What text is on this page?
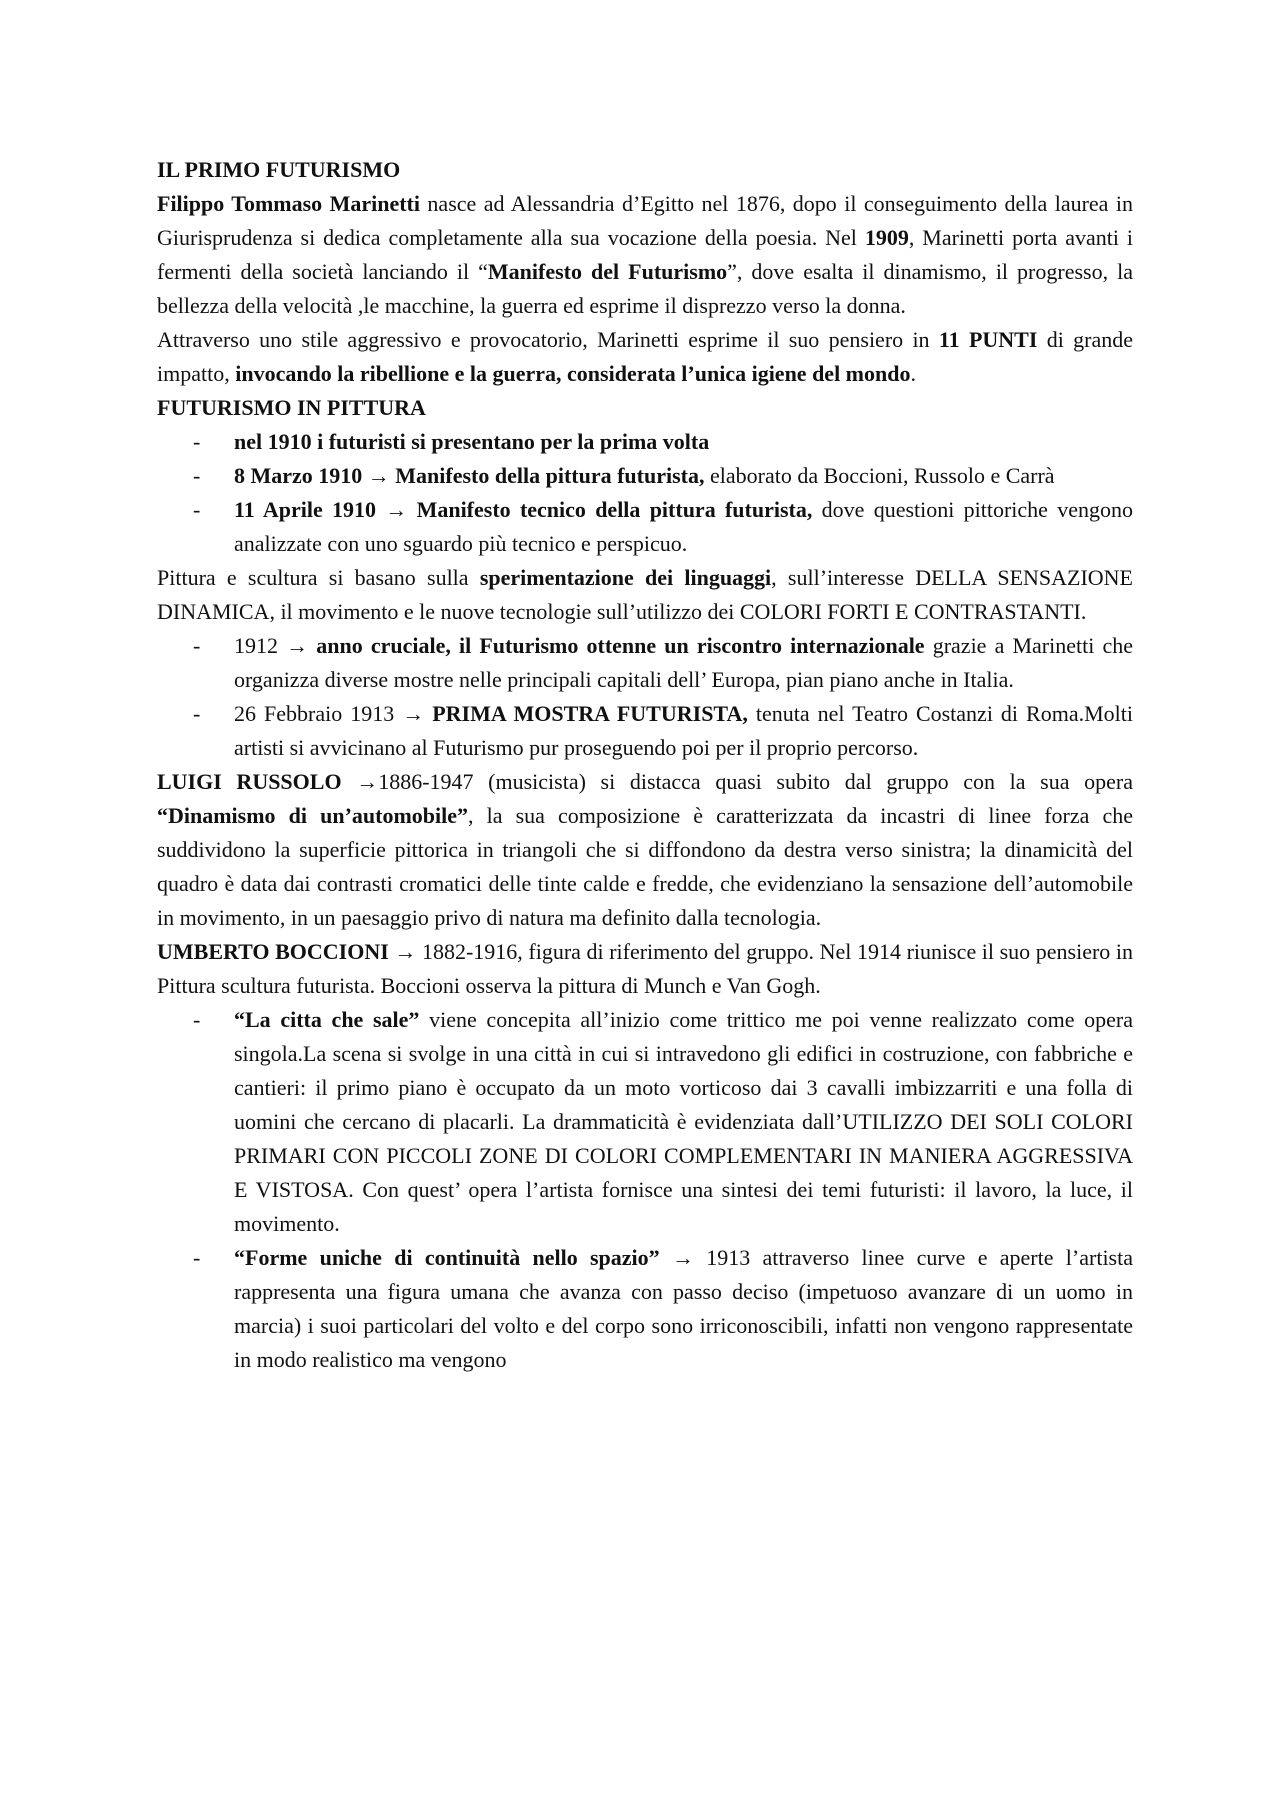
IL PRIMO FUTURISMO

Filippo Tommaso Marinetti nasce ad Alessandria d’Egitto nel 1876, dopo il conseguimento della laurea in Giurisprudenza si dedica completamente alla sua vocazione della poesia. Nel 1909, Marinetti porta avanti i fermenti della società lanciando il “Manifesto del Futurismo”, dove esalta il dinamismo, il progresso, la bellezza della velocità ,le macchine, la guerra ed esprime il disprezzo verso la donna.

Attraverso uno stile aggressivo e provocatorio, Marinetti esprime il suo pensiero in 11 PUNTI di grande impatto, invocando la ribellione e la guerra, considerata l’unica igiene del mondo.

FUTURISMO IN PITTURA

- nel 1910 i futuristi si presentano per la prima volta
- 8 Marzo 1910 → Manifesto della pittura futurista, elaborato da Boccioni, Russolo e Carrà
- 11 Aprile 1910 → Manifesto tecnico della pittura futurista, dove questioni pittoriche vengono analizzate con uno sguardo più tecnico e perspicuo.

Pittura e scultura si basano sulla sperimentazione dei linguaggi, sull’interesse DELLA SENSAZIONE DINAMICA, il movimento e le nuove tecnologie sull’utilizzo dei COLORI FORTI E CONTRASTANTI.

- 1912 → anno cruciale, il Futurismo ottenne un riscontro internazionale grazie a Marinetti che organizza diverse mostre nelle principali capitali dell’ Europa, pian piano anche in Italia.
- 26 Febbraio 1913 → PRIMA MOSTRA FUTURISTA, tenuta nel Teatro Costanzi di Roma.Molti artisti si avvicinano al Futurismo pur proseguendo poi per il proprio percorso.

LUIGI RUSSOLO →1886-1947 (musicista) si distacca quasi subito dal gruppo con la sua opera “Dinamismo di un’automobile”, la sua composizione è caratterizzata da incastri di linee forza che suddividono la superficie pittorica in triangoli che si diffondono da destra verso sinistra; la dinamicità del quadro è data dai contrasti cromatici delle tinte calde e fredde, che evidenziano la sensazione dell’automobile in movimento, in un paesaggio privo di natura ma definito dalla tecnologia.

UMBERTO BOCCIONI → 1882-1916, figura di riferimento del gruppo. Nel 1914 riunisce il suo pensiero in Pittura scultura futurista. Boccioni osserva la pittura di Munch e Van Gogh.

- “La citta che sale” viene concepita all’inizio come trittico me poi venne realizzato come opera singola.La scena si svolge in una città in cui si intravedono gli edifici in costruzione, con fabbriche e cantieri: il primo piano è occupato da un moto vorticoso dai 3 cavalli imbizzarriti e una folla di uomini che cercano di placarli. La drammaticità è evidenziata dall’UTILIZZO DEI SOLI COLORI PRIMARI CON PICCOLI ZONE DI COLORI COMPLEMENTARI IN MANIERA AGGRESSIVA E VISTOSA. Con quest’ opera l’artista fornisce una sintesi dei temi futuristi: il lavoro, la luce, il movimento.
- “Forme uniche di continuità nello spazio” → 1913 attraverso linee curve e aperte l’artista rappresenta una figura umana che avanza con passo deciso (impetuoso avanzare di un uomo in marcia) i suoi particolari del volto e del corpo sono irriconoscibili, infatti non vengono rappresentate in modo realistico ma vengono
